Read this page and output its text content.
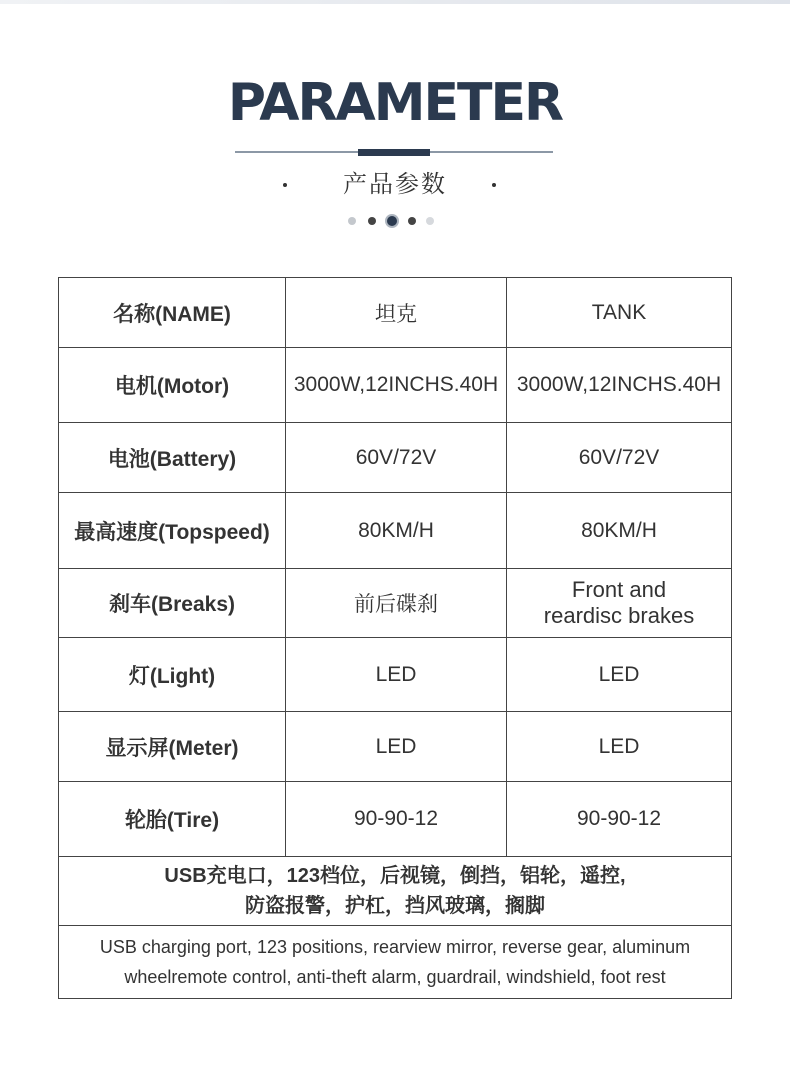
PARAMETER
产品参数
名称(NAME)	坦克	TANK
电机(Motor)	3000W,12INCHS.40H	3000W,12INCHS.40H
电池(Battery)	60V/72V	60V/72V
最高速度(Topspeed)	80KM/H	80KM/H
刹车(Breaks)	前后碟刹	Front and
reardisc brakes

灯(Light)	LED	LED
显示屏(Meter)	LED	LED
轮胎(Tire)	90-90-12	90-90-12

USB充电口，123档位，后视镜，倒挡，铝轮，遥控,
防盗报警，护杠，挡风玻璃，搁脚		

USB charging port, 123 positions, rearview mirror, reverse gear, aluminum
wheelremote control, anti-theft alarm, guardrail, windshield, foot rest		
